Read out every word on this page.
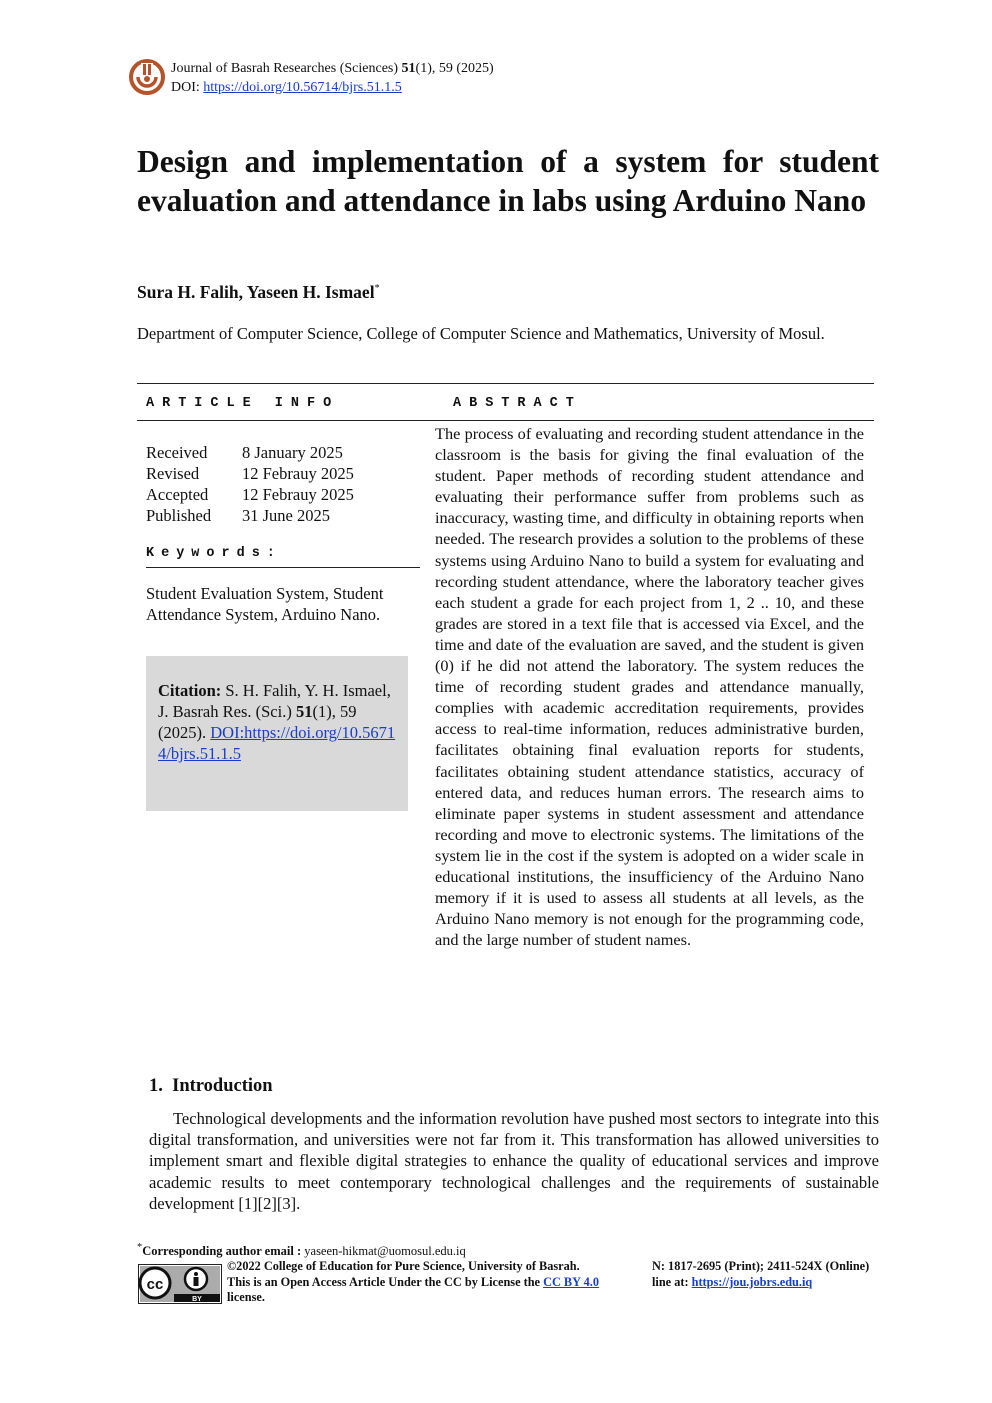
Journal of Basrah Researches (Sciences) 51(1), 59 (2025)
DOI: https://doi.org/10.56714/bjrs.51.1.5
Design and implementation of a system for student evaluation and attendance in labs using Arduino Nano
Sura H. Falih, Yaseen H. Ismael*
Department of Computer Science, College of Computer Science and Mathematics, University of Mosul.
ARTICLE INFO	ABSTRACT
Received	8 January 2025
Revised	12 Febrauy 2025
Accepted	12 Febrauy 2025
Published	31 June 2025
Keywords:
Student Evaluation System, Student Attendance System, Arduino Nano.
Citation: S. H. Falih, Y. H. Ismael, J. Basrah Res. (Sci.) 51(1), 59 (2025). DOI:https://doi.org/10.56714/bjrs.51.1.5
The process of evaluating and recording student attendance in the classroom is the basis for giving the final evaluation of the student. Paper methods of recording student attendance and evaluating their performance suffer from problems such as inaccuracy, wasting time, and difficulty in obtaining reports when needed. The research provides a solution to the problems of these systems using Arduino Nano to build a system for evaluating and recording student attendance, where the laboratory teacher gives each student a grade for each project from 1, 2 .. 10, and these grades are stored in a text file that is accessed via Excel, and the time and date of the evaluation are saved, and the student is given (0) if he did not attend the laboratory. The system reduces the time of recording student grades and attendance manually, complies with academic accreditation requirements, provides access to real-time information, reduces administrative burden, facilitates obtaining final evaluation reports for students, facilitates obtaining student attendance statistics, accuracy of entered data, and reduces human errors. The research aims to eliminate paper systems in student assessment and attendance recording and move to electronic systems. The limitations of the system lie in the cost if the system is adopted on a wider scale in educational institutions, the insufficiency of the Arduino Nano memory if it is used to assess all students at all levels, as the Arduino Nano memory is not enough for the programming code, and the large number of student names.
1.  Introduction
Technological developments and the information revolution have pushed most sectors to integrate into this digital transformation, and universities were not far from it. This transformation has allowed universities to implement smart and flexible digital strategies to enhance the quality of educational services and improve academic results to meet contemporary technological challenges and the requirements of sustainable development [1][2][3].
*Corresponding author email : yaseen-hikmat@uomosul.edu.iq
cc
BY
©2022 College of Education for Pure Science, University of Basrah. This is an Open Access Article Under the CC by License the CC BY 4.0 license.
N: 1817-2695 (Print); 2411-524X (Online)
line at: https://jou.jobrs.edu.iq
